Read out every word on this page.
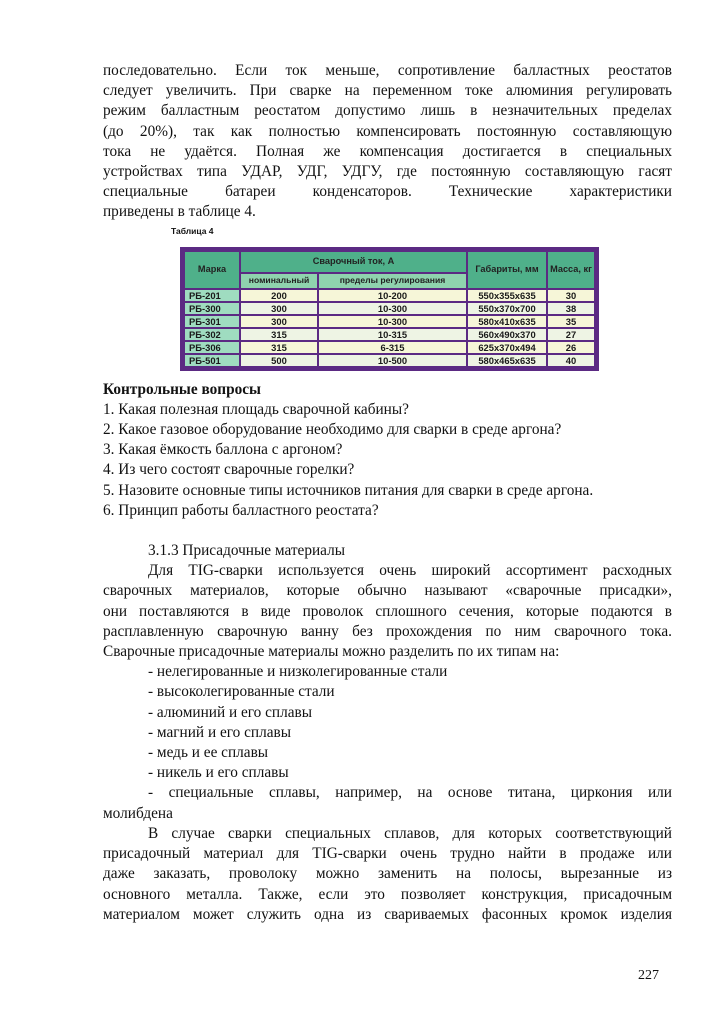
последовательно. Если ток меньше, сопротивление балластных реостатов

следует увеличить. При сварке на переменном токе алюминия регулировать

режим балластным реостатом допустимо лишь в незначительных пределах

(до 20%), так как полностью компенсировать постоянную составляющую

тока не удаётся. Полная же компенсация достигается в специальных

устройствах типа УДАР, УДГ, УДГУ, где постоянную составляющую гасят

специальные батареи конденсаторов. Технические характеристики

приведены в таблице 4.

Таблица 4
Марка	Сварочный ток, А		Габариты, мм	Масса, кг
	номинальный	пределы регулирования		
РБ-201	200	10-200	550x355x635	30
РБ-300	300	10-300	550x370x700	38
РБ-301	300	10-300	580x410x635	35
РБ-302	315	10-315	560x490x370	27
РБ-306	315	6-315	625x370x494	26
РБ-501	500	10-500	580x465x635	40

Контрольные вопросы

1. Какая полезная площадь сварочной кабины?

2. Какое газовое оборудование необходимо для сварки в среде аргона?

3. Какая ёмкость баллона с аргоном?

4. Из чего состоят сварочные горелки?

5. Назовите основные типы источников питания для сварки в среде аргона.

6. Принцип работы балластного реостата?

3.1.3 Присадочные материалы

Для TIG-сварки используется очень широкий ассортимент расходных

сварочных материалов, которые обычно называют «сварочные присадки»,

они поставляются в виде проволок сплошного сечения, которые подаются в

расплавленную сварочную ванну без прохождения по ним сварочного тока.

Сварочные присадочные материалы можно разделить по их типам на:

- нелегированные и низколегированные стали

- высоколегированные стали

- алюминий и его сплавы

- магний и его сплавы

- медь и ее сплавы

- никель и его сплавы

- специальные сплавы, например, на основе титана, циркония или

молибдена

В случае сварки специальных сплавов, для которых соответствующий

присадочный материал для TIG-сварки очень трудно найти в продаже или

даже заказать, проволоку можно заменить на полосы, вырезанные из

основного металла. Также, если это позволяет конструкция, присадочным

материалом может служить одна из свариваемых фасонных кромок изделия

227
